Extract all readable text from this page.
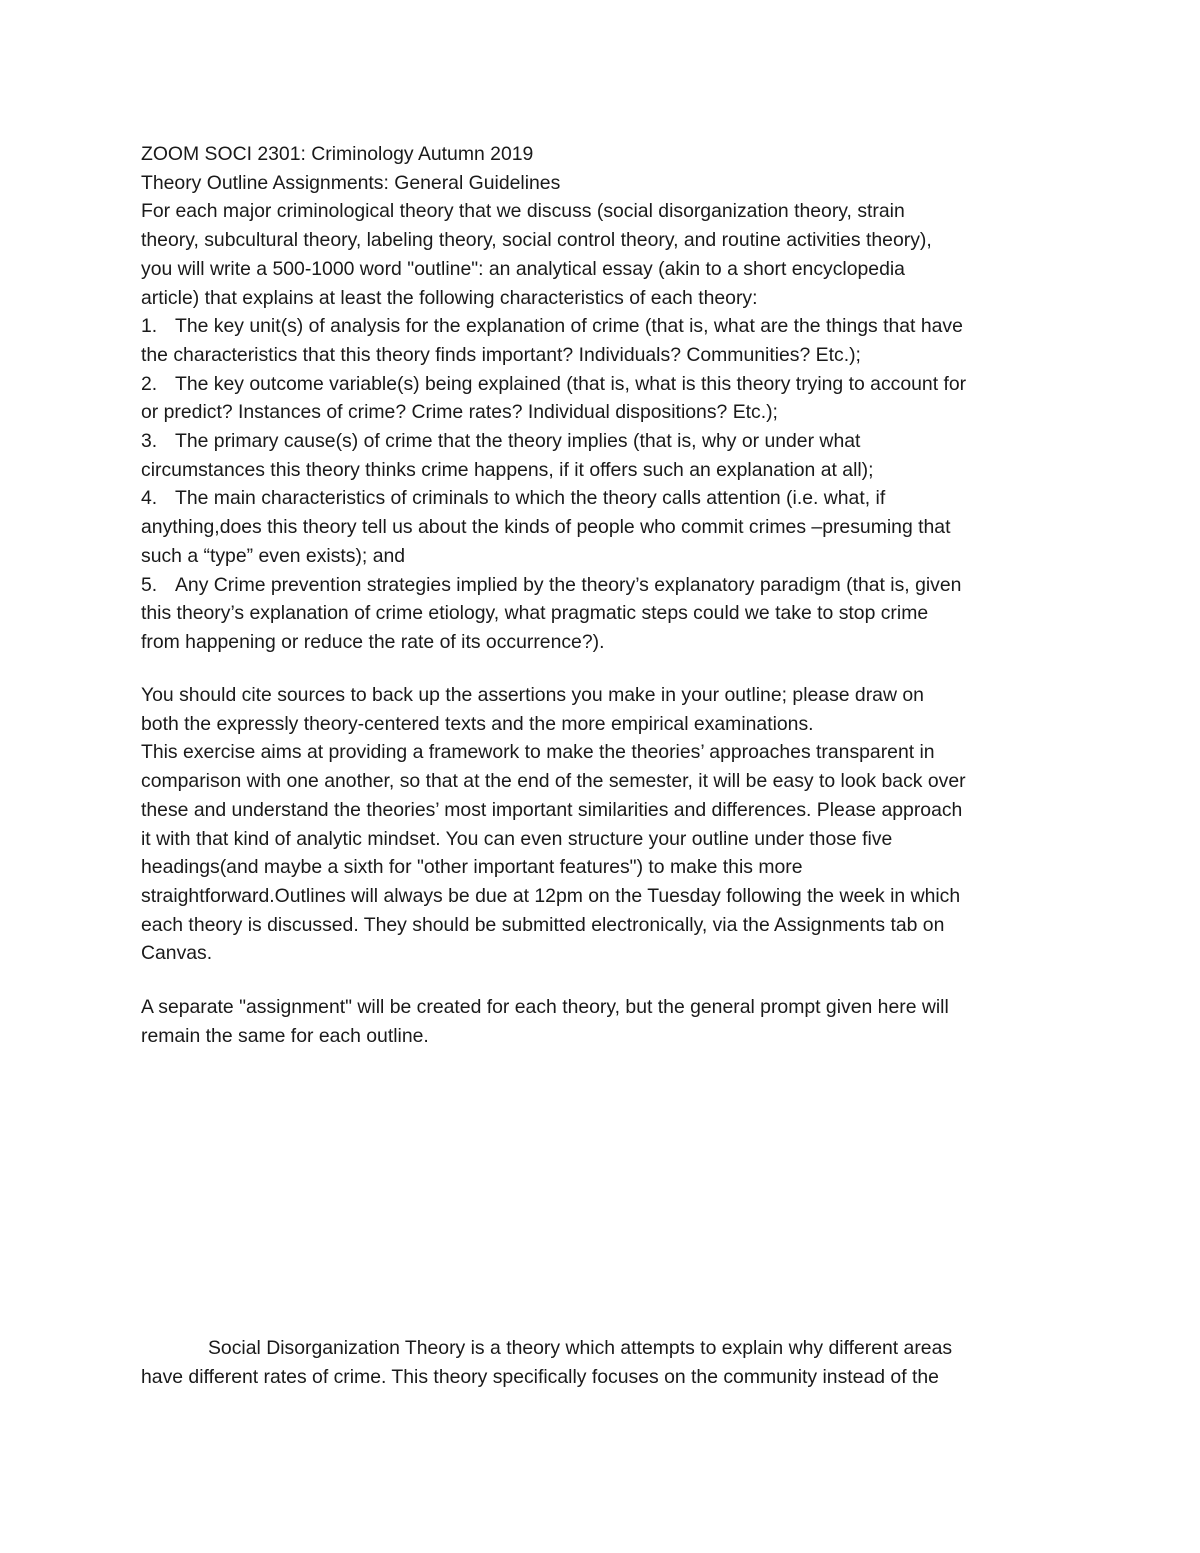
ZOOM SOCI 2301: Criminology Autumn 2019
Theory Outline Assignments: General Guidelines
For each major criminological theory that we discuss (social disorganization theory, strain
theory, subcultural theory, labeling theory, social control theory, and routine activities theory),
you will write a 500-1000 word "outline": an analytical essay (akin to a short encyclopedia
article) that explains at least the following characteristics of each theory:
1. The key unit(s) of analysis for the explanation of crime (that is, what are the things that have
the characteristics that this theory finds important? Individuals? Communities? Etc.);
2. The key outcome variable(s) being explained (that is, what is this theory trying to account for
or predict? Instances of crime? Crime rates? Individual dispositions? Etc.);
3. The primary cause(s) of crime that the theory implies (that is, why or under what
circumstances this theory thinks crime happens, if it offers such an explanation at all);
4. The main characteristics of criminals to which the theory calls attention (i.e. what, if
anything,does this theory tell us about the kinds of people who commit crimes –presuming that
such a “type” even exists); and
5. Any Crime prevention strategies implied by the theory’s explanatory paradigm (that is, given
this theory’s explanation of crime etiology, what pragmatic steps could we take to stop crime
from happening or reduce the rate of its occurrence?).
You should cite sources to back up the assertions you make in your outline; please draw on
both the expressly theory-centered texts and the more empirical examinations.
This exercise aims at providing a framework to make the theories’ approaches transparent in
comparison with one another, so that at the end of the semester, it will be easy to look back over
these and understand the theories’ most important similarities and differences. Please approach
it with that kind of analytic mindset. You can even structure your outline under those five
headings(and maybe a sixth for "other important features") to make this more
straightforward.Outlines will always be due at 12pm on the Tuesday following the week in which
each theory is discussed. They should be submitted electronically, via the Assignments tab on
Canvas.
A separate "assignment" will be created for each theory, but the general prompt given here will
remain the same for each outline.
Social Disorganization Theory is a theory which attempts to explain why different areas
have different rates of crime. This theory specifically focuses on the community instead of the
